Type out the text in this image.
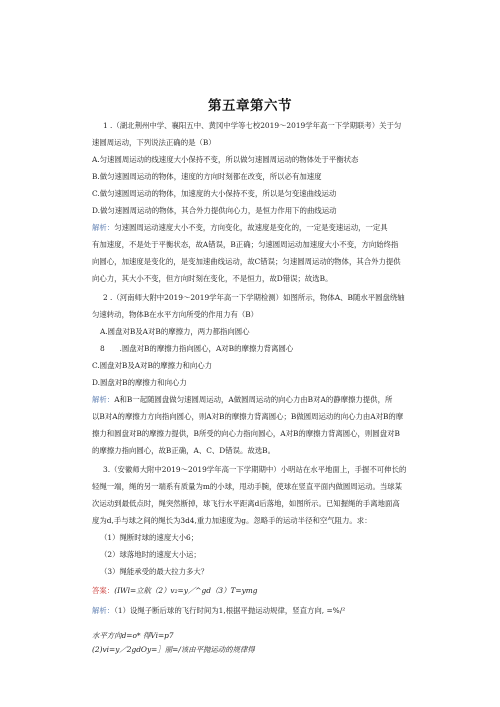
第五章第六节
1 .（湖北荆州中学、襄阳五中、黄冈中学等七校2019～2019学年高一下学期联考）关于匀
速圆周运动，下列说法正确的是（B）
A.匀速圆周运动的线速度大小保持不变，所以做匀速圆周运动的物体处于平衡状态
B.做匀速圆周运动的物体，速度的方向时刻都在改变，所以必有加速度
C.做匀速圆周运动的物体，加速度的大小保持不变，所以是匀变速曲线运动
D.做匀速圆周运动的物体，其合外力提供向心力，是恒力作用下的曲线运动
解析：匀速圆周运动速度大小不变，方向变化，故速度是变化的，一定是变速运动，一定具
有加速度，不是处于平衡状态，故A错误，B正确；匀速圆周运动加速度大小不变，方向始终指
向圆心，加速度是变化的，是变加速曲线运动，故C错误；匀速圆周运动的物体，其合外力提供
向心力，其大小不变，但方向时刻在变化，不是恒力，故D错误；故选B。
2 .（河南师大附中2019～2019学年高一下学期检测）如图所示，物体A、B随水平圆盘绕轴
匀速转动，物体B在水平方向所受的作用力有（B）
A.圆盘对B及A对B的摩擦力，两力都指向圆心
8　　.圆盘对B的摩擦力指向圆心，A对B的摩擦力背离圆心
C.圆盘对B及A对B的摩擦力和向心力
D.圆盘对B的摩擦力和向心力
解析：A和B一起随圆盘做匀速圆周运动，A做圆周运动的向心力由B对A的静摩擦力提供，所
以B对A的摩擦力方向指向圆心，则A对B的摩擦力背离圆心；B做圆周运动的向心力由A对B的摩
擦力和圆盘对B的摩擦力提供，B所受的向心力指向圆心，A对B的摩擦力背离圆心，则圆盘对B
的摩擦力指向圆心，故B正确，A、C、D错误。故选B。
3.（安徽师大附中2019～2019学年高一下学期期中）小明站在水平地面上，手握不可伸长的
轻绳一端，绳的另一端系有质量为m的小球，甩动手腕，使球在竖直平面内做圆周运动。当球某
次运动到最低点时，绳突然断掉，球飞行水平距离d后落地，如图所示。已知握绳的手离地面高
度为d,手与球之间的绳长为3d4,重力加速度为g。忽略手的运动半径和空气阻力。求：
（1）绳断时球的速度大小6；
（2）球落地时的速度大小运；
（3）绳能承受的最大拉力多大？
答案：(IWl=立航（2）v₂=y／^gd（3）T=ymg
解析：（1）设绳子断后球的飞行时间为1,根据平抛运动规律，竖直方向, =%/²
水平方向d=o* 得Vi=p7
(2)vi=y／2gdOy=］丽=/该由平抛运动的规律得
